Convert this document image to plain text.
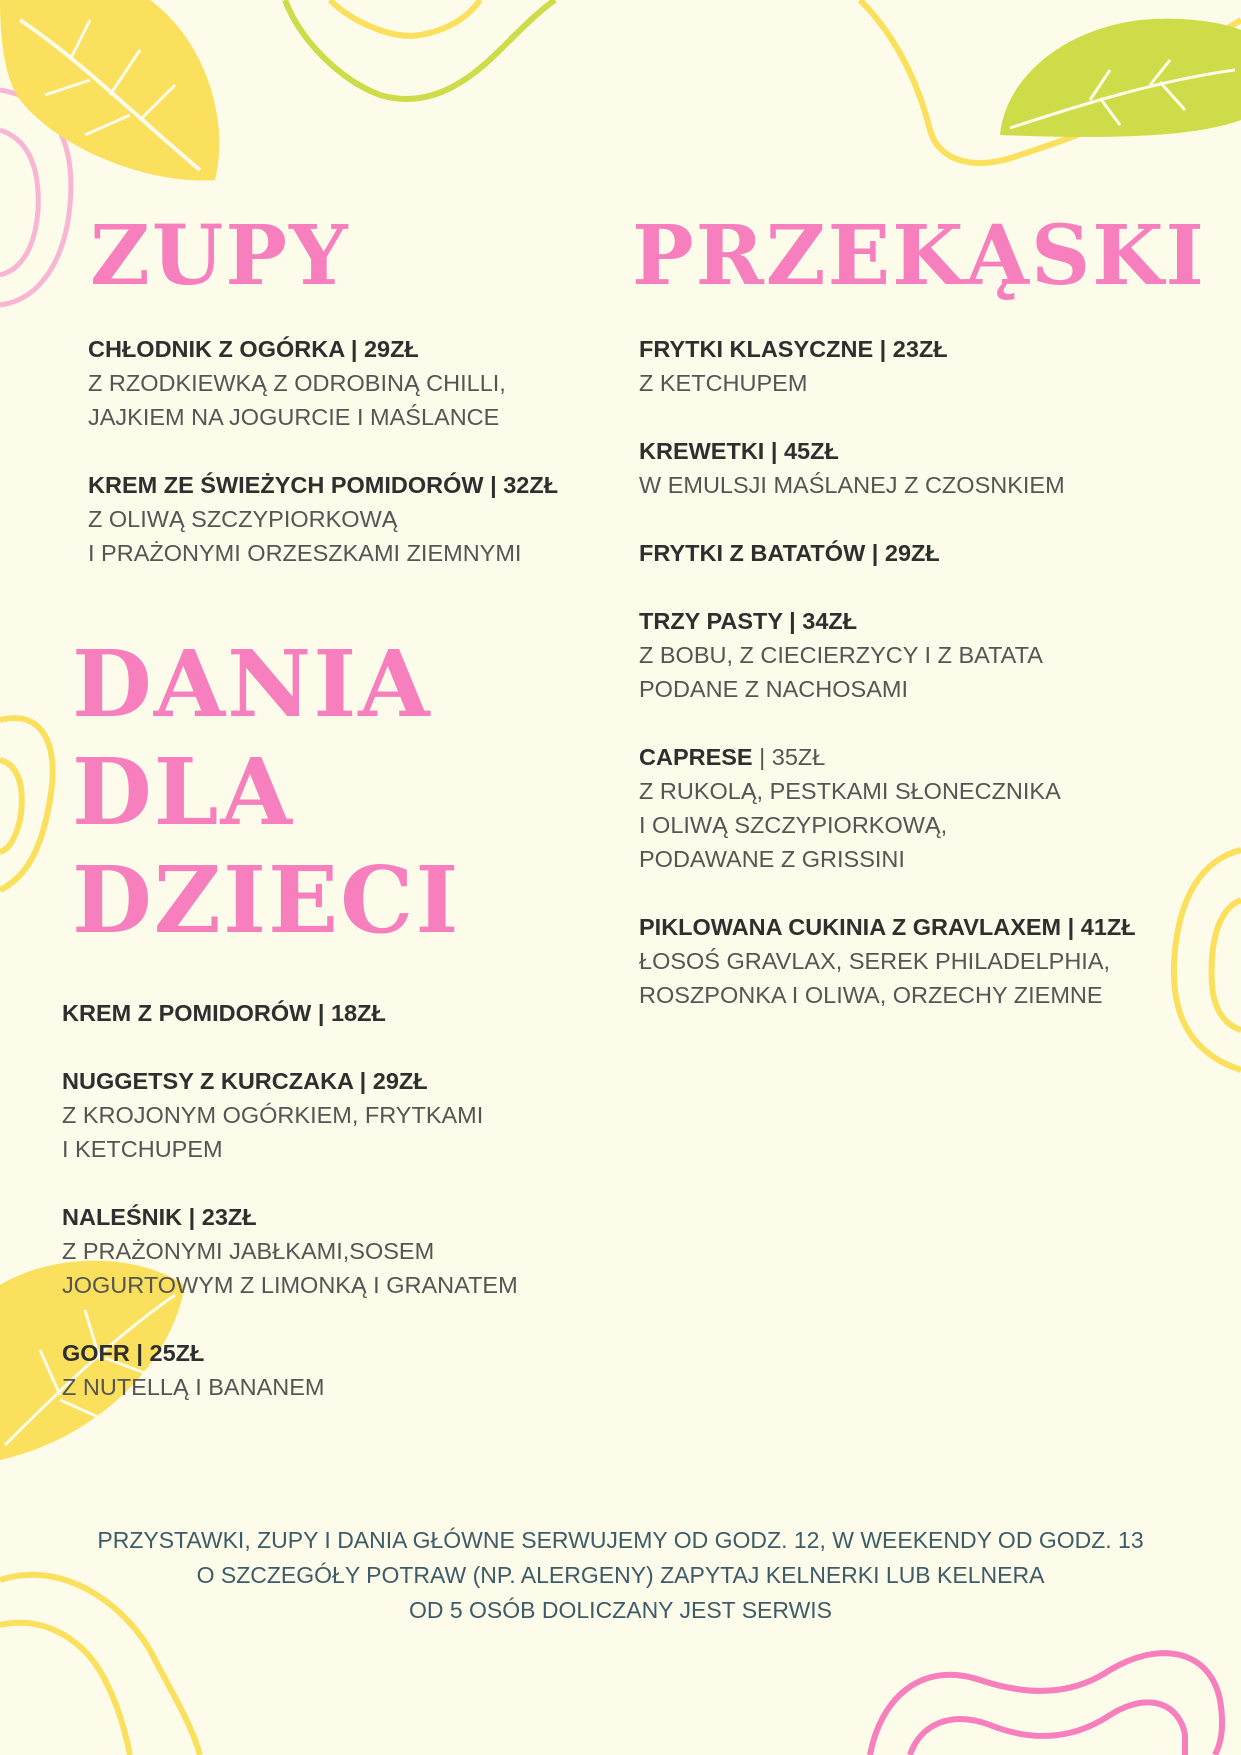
ZUPY	PRZEKĄSKI
DANIA
DLA
DZIECI
CHŁODNIK Z OGÓRKA | 29ZŁ
Z RZODKIEWKĄ Z ODROBINĄ CHILLI,
JAJKIEM NA JOGURCIE I MAŚLANCE
KREM ZE ŚWIEŻYCH POMIDORÓW | 32ZŁ
Z OLIWĄ SZCZYPIORKOWĄ
I PRAŻONYMI ORZESZKAMI ZIEMNYMI
FRYTKI KLASYCZNE | 23ZŁ
Z KETCHUPEM
KREWETKI | 45ZŁ
W EMULSJI MAŚLANEJ Z CZOSNKIEM
FRYTKI Z BATATÓW | 29ZŁ
TRZY PASTY | 34ZŁ
Z BOBU, Z CIECIERZYCY I Z BATATA
PODANE Z NACHOSAMI
CAPRESE | 35ZŁ
Z RUKOLĄ, PESTKAMI SŁONECZNIKA
I OLIWĄ SZCZYPIORKOWĄ,
PODAWANE Z GRISSINI
PIKLOWANA CUKINIA Z GRAVLAXEM | 41ZŁ
ŁOSOŚ GRAVLAX, SEREK PHILADELPHIA,
ROSZPONKA I OLIWA, ORZECHY ZIEMNE
KREM Z POMIDORÓW | 18ZŁ
NUGGETSY Z KURCZAKA | 29ZŁ
Z KROJONYM OGÓRKIEM, FRYTKAMI
I KETCHUPEM
NALEŚNIK | 23ZŁ
Z PRAŻONYMI JABŁKAMI,SOSEM
JOGURTOWYM Z LIMONKĄ I GRANATEM
GOFR | 25ZŁ
Z NUTELLĄ I BANANEM
PRZYSTAWKI, ZUPY I DANIA GŁÓWNE SERWUJEMY OD GODZ. 12, W WEEKENDY OD GODZ. 13
O SZCZEGÓŁY POTRAW (NP. ALERGENY) ZAPYTAJ KELNERKI LUB KELNERA
OD 5 OSÓB DOLICZANY JEST SERWIS
